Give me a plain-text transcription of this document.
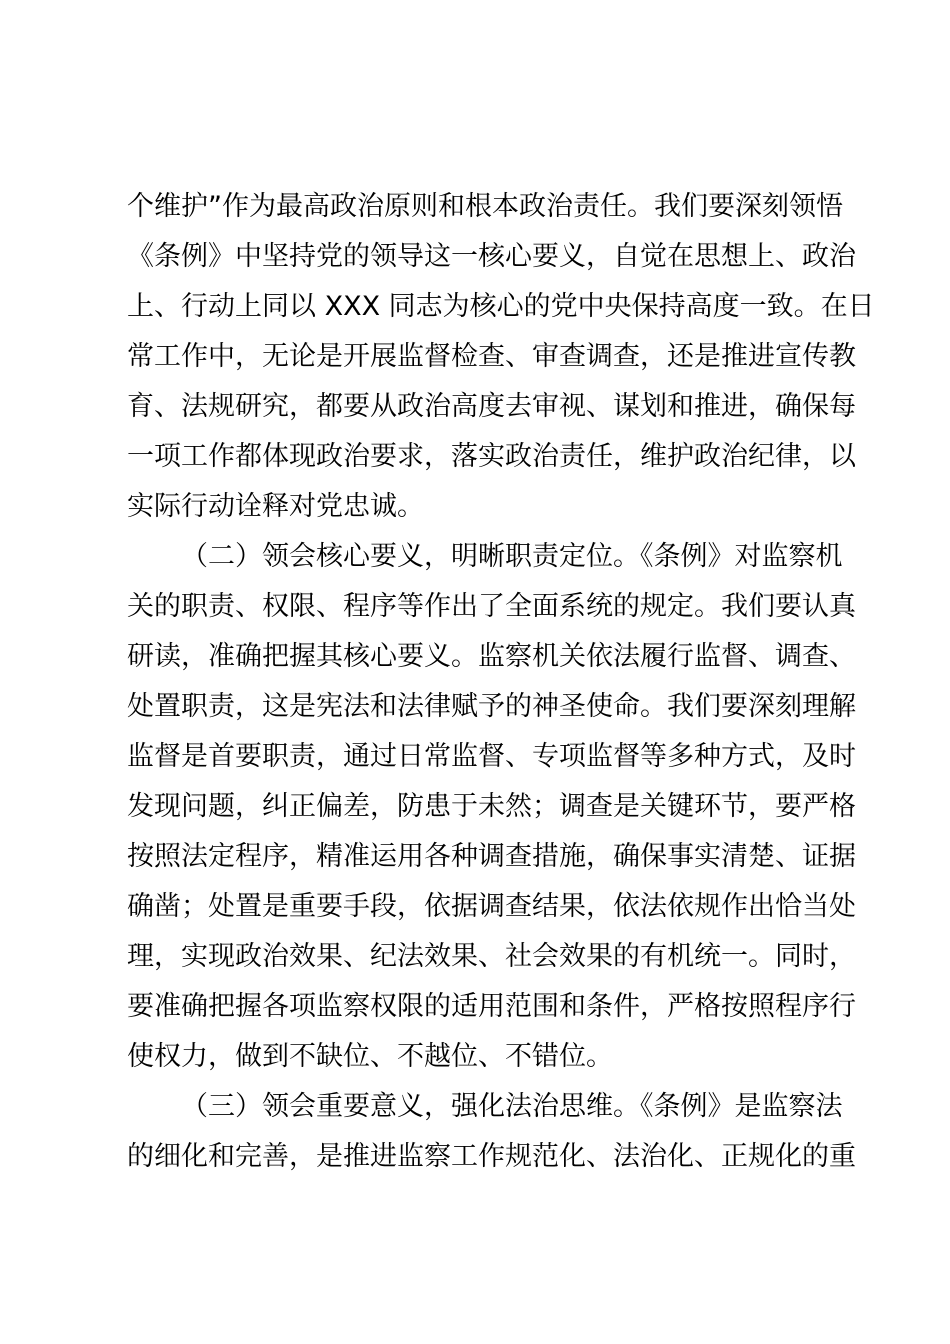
个维护”作为最高政治原则和根本政治责任。我们要深刻领悟
《条例》中坚持党的领导这一核心要义，自觉在思想上、政治
上、行动上同以 XXX 同志为核心的党中央保持高度一致。在日
常工作中，无论是开展监督检查、审查调查，还是推进宣传教
育、法规研究，都要从政治高度去审视、谋划和推进，确保每
一项工作都体现政治要求，落实政治责任，维护政治纪律，以
实际行动诠释对党忠诚。
（二）领会核心要义，明晰职责定位。《条例》对监察机
关的职责、权限、程序等作出了全面系统的规定。我们要认真
研读，准确把握其核心要义。监察机关依法履行监督、调查、
处置职责，这是宪法和法律赋予的神圣使命。我们要深刻理解
监督是首要职责，通过日常监督、专项监督等多种方式，及时
发现问题，纠正偏差，防患于未然；调查是关键环节，要严格
按照法定程序，精准运用各种调查措施，确保事实清楚、证据
确凿；处置是重要手段，依据调查结果，依法依规作出恰当处
理，实现政治效果、纪法效果、社会效果的有机统一。同时，
要准确把握各项监察权限的适用范围和条件，严格按照程序行
使权力，做到不缺位、不越位、不错位。
（三）领会重要意义，强化法治思维。《条例》是监察法
的细化和完善，是推进监察工作规范化、法治化、正规化的重
